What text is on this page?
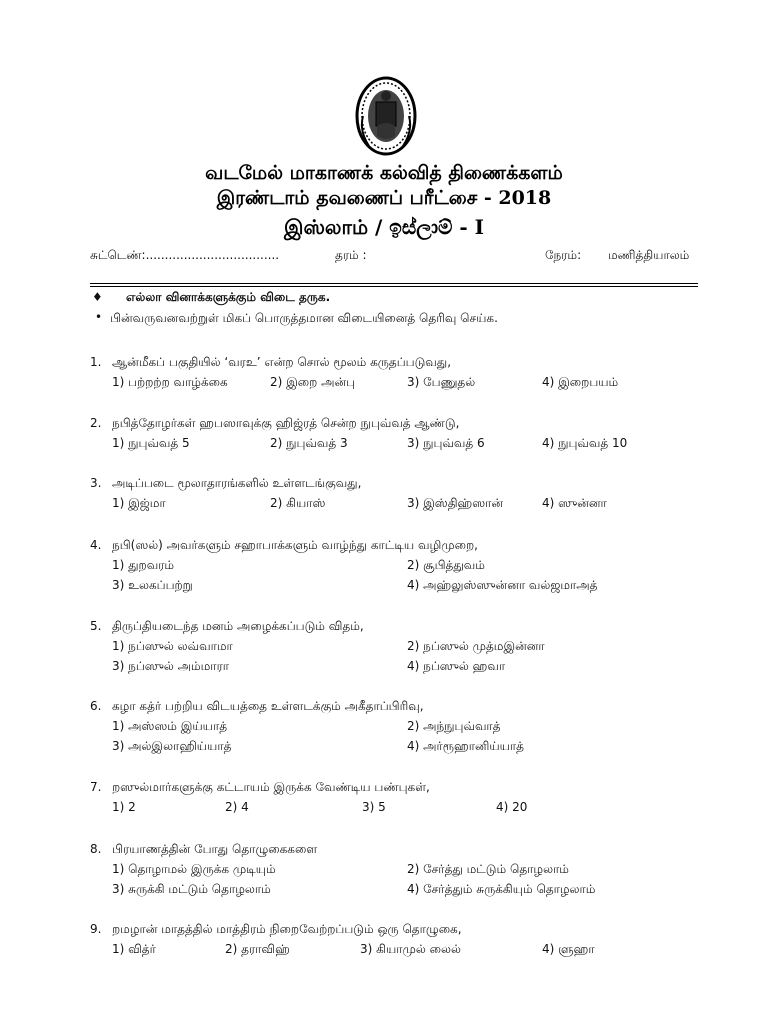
வடமேல் மாகாணக் கல்வித் திணைக்களம்
இரண்டாம் தவணைப் பரீட்சை - 2018
இஸ்லாம் / ඉස්ලාම් - I
சுட்டெண்:...................................	தரம் :	நேரம்: மணித்தியாலம்
♦ எல்லா வினாக்களுக்கும் விடை தருக.
• பின்வருவனவற்றுள் மிகப் பொருத்தமான விடையினைத் தெரிவு செய்க.
1. ஆன்மீகப் பகுதியில் ‘வரஉ’ என்ற சொல் மூலம் கருதப்படுவது,
1) பற்றற்ற வாழ்க்கை	2) இறை அன்பு	3) பேணுதல்	4) இறைபயம்
2. நபித்தோழர்கள் ஹபஸாவுக்கு ஹிஜ்ரத் சென்ற நுபுவ்வத் ஆண்டு,
1) நுபுவ்வத் 5	2) நுபுவ்வத் 3	3) நுபுவ்வத் 6	4) நுபுவ்வத் 10
3. அடிப்படை மூலாதாரங்களில் உள்ளடங்குவது,
1) இஜ்மா	2) கியாஸ்	3) இஸ்திஹ்ஸான்	4) ஸுன்னா
4. நபி(ஸல்) அவர்களும் சஹாபாக்களும் வாழ்ந்து காட்டிய வழிமுறை,
1) துறவரம்	2) சூபித்துவம்
3) உலகப்பற்று	4) அஹ்லுஸ்ஸுன்னா வல்ஜமாஅத்
5. திருப்தியடைந்த மனம் அழைக்கப்படும் விதம்,
1) நப்ஸுல் லவ்வாமா	2) நப்ஸுல் முத்மஇன்னா
3) நப்ஸுல் அம்மாரா	4) நப்ஸுல் ஹவா
6. கழா கத்ர் பற்றிய விடயத்தை உள்ளடக்கும் அகீதாப்பிரிவு,
1) அஸ்ஸம் இய்யாத்	2) அந்நுபுவ்வாத்
3) அல்இலாஹிய்யாத்	4) அர்ரூஹானிய்யாத்
7. றஸுல்மார்களுக்கு கட்டாயம் இருக்க வேண்டிய பண்புகள்,
1) 2	2) 4	3) 5	4) 20
8. பிரயாணத்தின் போது தொழுகைகளை
1) தொழாமல் இருக்க முடியும்	2) சேர்த்து மட்டும் தொழலாம்
3) சுருக்கி மட்டும் தொழலாம்	4) சேர்த்தும் சுருக்கியும் தொழலாம்
9. றமழான் மாதத்தில் மாத்திரம் நிறைவேற்றப்படும் ஒரு தொழுகை,
1) வித்ர்	2) தராவிஹ்	3) கியாமுல் லைல்	4) ளுஹா
